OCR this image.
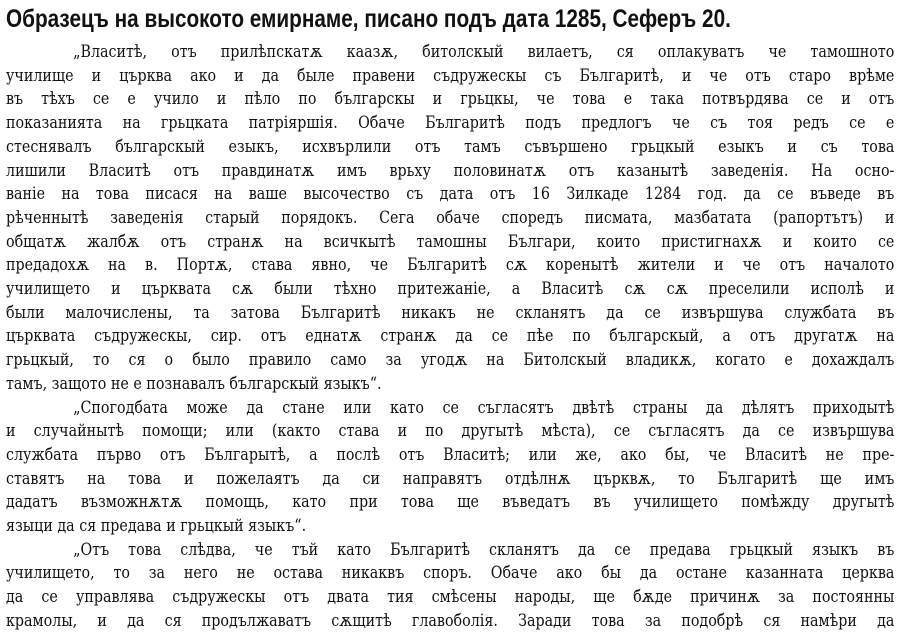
Образецъ на высокото емирнаме, писано подъ дата 1285, Сеферъ 20.
„Власитѣ, отъ прилѣпскатѫ каазѫ, битолскый вилаетъ, ся оплакуватъ че тамошното
училище и църква ако и да быле правени съдружескы съ Българитѣ, и че отъ старо врѣме
въ тѣхъ се е учило и пѣло по българскы и грьцкы, че това е така потвърдява се и отъ
показанията на грьцката патріяршія. Обаче Българитѣ подъ предлогъ че съ тоя редъ се е
стеснявалъ българскый езыкъ, исхвърлили отъ тамъ съвършено грьцкый езыкъ и съ това
лишили Власитѣ отъ правдинатѫ имъ врьху половинатѫ отъ казанытѣ заведенія. На осно-
ваніе на това писася на ваше высочество съ дата отъ 16 Зилкаде 1284 год. да се въведе въ
рѣченнытѣ заведенія старый порядокъ. Сега обаче споредъ писмата, мазбатата (рапортътъ) и
общатѫ жалбѫ отъ странѫ на всичкытѣ тамошны Българи, които пристигнахѫ и които се
предадохѫ на в. Портѫ, става явно, че Българитѣ сѫ коренытѣ жители и че отъ началото
училището и църквата сѫ были тѣхно притежаніе, а Власитѣ сѫ сѫ преселили исполѣ и
были малочислены, та затова Българитѣ никакъ не скланятъ да се извършува службата въ
църквата съдружескы, сир. отъ еднатѫ странѫ да се пѣе по българскый, а отъ другатѫ на
грьцкый, то ся о было правило само за угодѫ на Битолскый владикѫ, когато е дохаждалъ
тамъ, защото не е познавалъ българскый языкъ“.
„Спогодбата може да стане или като се съгласятъ двѣтѣ страны да дѣлятъ приходытѣ
и случайнытѣ помощи; или (както става и по другытѣ мѣста), се съгласятъ да се извършува
службата първо отъ Българытѣ, а послѣ отъ Власитѣ; или же, ако бы, че Власитѣ не пре-
ставятъ на това и пожелаятъ да си направятъ отдѣлнѫ църквѫ, то Българитѣ ще имъ
дадатъ възможнѫтѫ помощь, като при това ще въведатъ въ училището помѣжду другытѣ
языци да ся предава и грьцкый языкъ“.
„Отъ това слѣдва, че тъй като Българитѣ скланятъ да се предава грьцкый языкъ въ
училището, то за него не остава никаквъ споръ. Обаче ако бы да остане казанната церква
да се управлява съдружескы отъ двата тия смѣсены народы, ще бѫде причинѫ за постоянны
крамолы, и да ся продължаватъ сѫщитѣ главоболія. Заради това за подобрѣ ся намѣри да
